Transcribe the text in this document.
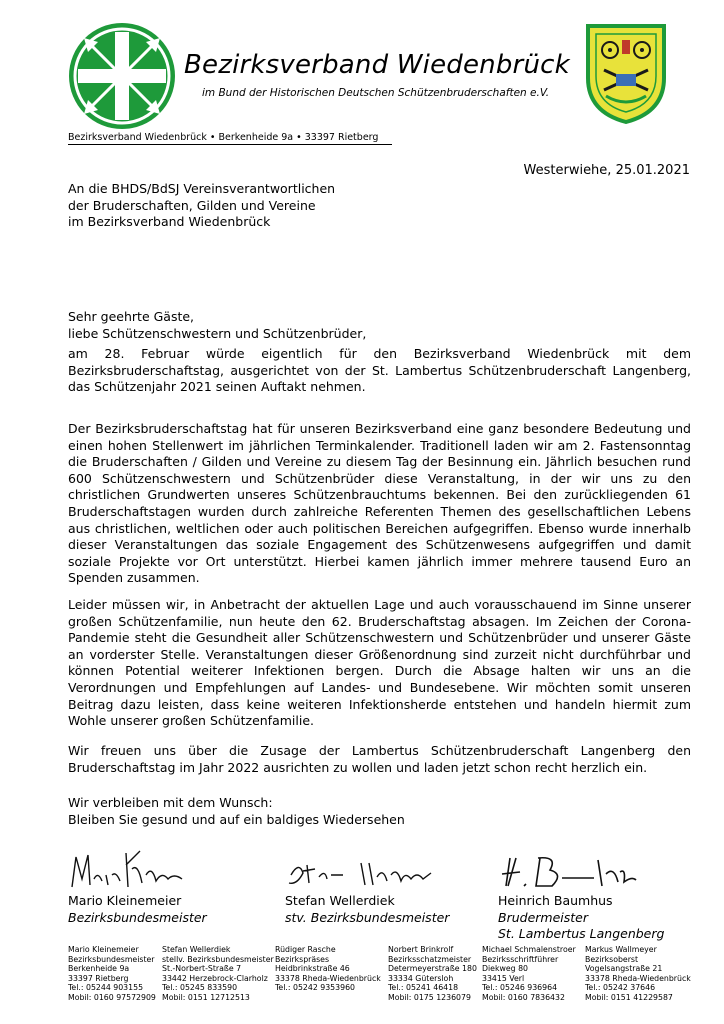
Bezirksverband Wiedenbrück
im Bund der Historischen Deutschen Schützenbruderschaften e.V.
Bezirksverband Wiedenbrück • Berkenheide 9a • 33397 Rietberg
Westerwiehe, 25.01.2021
An die BHDS/BdSJ Vereinsverantwortlichen
der Bruderschaften, Gilden und Vereine
im Bezirksverband Wiedenbrück
Sehr geehrte Gäste,
liebe Schützenschwestern und Schützenbrüder,
am 28. Februar würde eigentlich für den Bezirksverband Wiedenbrück mit dem Bezirksbruderschaftstag, ausgerichtet von der St. Lambertus Schützenbruderschaft Langenberg, das Schützenjahr 2021 seinen Auftakt nehmen.
Der Bezirksbruderschaftstag hat für unseren Bezirksverband eine ganz besondere Bedeutung und einen hohen Stellenwert im jährlichen Terminkalender. Traditionell laden wir am 2. Fastensonntag die Bruderschaften / Gilden und Vereine zu diesem Tag der Besinnung ein. Jährlich besuchen rund 600 Schützenschwestern und Schützenbrüder diese Veranstaltung, in der wir uns zu den christlichen Grundwerten unseres Schützenbrauchtums bekennen. Bei den zurückliegenden 61 Bruderschaftstagen wurden durch zahlreiche Referenten Themen des gesellschaftlichen Lebens aus christlichen, weltlichen oder auch politischen Bereichen aufgegriffen. Ebenso wurde innerhalb dieser Veranstaltungen das soziale Engagement des Schützenwesens aufgegriffen und damit soziale Projekte vor Ort unterstützt. Hierbei kamen jährlich immer mehrere tausend Euro an Spenden zusammen.
Leider müssen wir, in Anbetracht der aktuellen Lage und auch vorausschauend im Sinne unserer großen Schützenfamilie, nun heute den 62. Bruderschaftstag absagen. Im Zeichen der Corona-Pandemie steht die Gesundheit aller Schützenschwestern und Schützenbrüder und unserer Gäste an vorderster Stelle. Veranstaltungen dieser Größenordnung sind zurzeit nicht durchführbar und können Potential weiterer Infektionen bergen. Durch die Absage halten wir uns an die Verordnungen und Empfehlungen auf Landes- und Bundesebene. Wir möchten somit unseren Beitrag dazu leisten, dass keine weiteren Infektionsherde entstehen und handeln hiermit zum Wohle unserer großen Schützenfamilie.
Wir freuen uns über die Zusage der Lambertus Schützenbruderschaft Langenberg den Bruderschaftstag im Jahr 2022 ausrichten zu wollen und laden jetzt schon recht herzlich ein.
Wir verbleiben mit dem Wunsch:
Bleiben Sie gesund und auf ein baldiges Wiedersehen
Mario Kleinemeier
Bezirksbundesmeister
Stefan Wellerdiek
stv. Bezirksbundesmeister
Heinrich Baumhus
Brudermeister
St. Lambertus Langenberg
Mario Kleinemeier
Bezirksbundesmeister
Berkenheide 9a
33397 Rietberg
Tel.: 05244 903155
Mobil: 0160 97572909
Stefan Wellerdiek
stellv. Bezirksbundesmeister
St.-Norbert-Straße 7
33442 Herzebrock-Clarholz
Tel.: 05245 833590
Mobil: 0151 12712513
Rüdiger Rasche
Bezirkspräses
Heidbrinkstraße 46
33378 Rheda-Wiedenbrück
Tel.: 05242 9353960
Norbert Brinkrolf
Bezirksschatzmeister
Determeyerstraße 180
33334 Gütersloh
Tel.: 05241 46418
Mobil: 0175 1236079
Michael Schmalenstroer
Bezirksschriftführer
Diekweg 80
33415 Verl
Tel.: 05246 936964
Mobil: 0160 7836432
Markus Wallmeyer
Bezirksoberst
Vogelsangstraße 21
33378 Rheda-Wiedenbrück
Tel.: 05242 37646
Mobil: 0151 41229587
